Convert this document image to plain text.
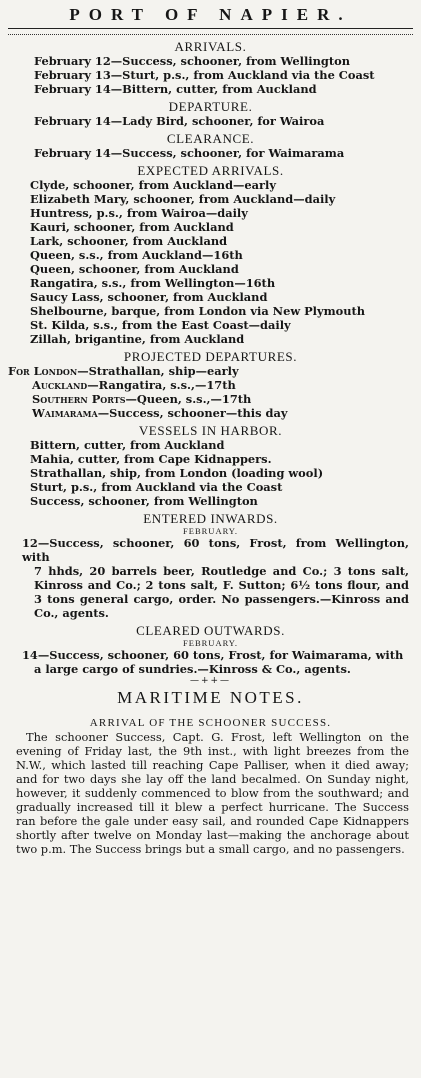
PORT OF NAPIER.
ARRIVALS.
February 12—Success, schooner, from Wellington
February 13—Sturt, p.s., from Auckland via the Coast
February 14—Bittern, cutter, from Auckland
DEPARTURE.
February 14—Lady Bird, schooner, for Wairoa
CLEARANCE.
February 14—Success, schooner, for Waimarama
EXPECTED ARRIVALS.
Clyde, schooner, from Auckland—early
Elizabeth Mary, schooner, from Auckland—daily
Huntress, p.s., from Wairoa—daily
Kauri, schooner, from Auckland
Lark, schooner, from Auckland
Queen, s.s., from Auckland—16th
Queen, schooner, from Auckland
Rangatira, s.s., from Wellington—16th
Saucy Lass, schooner, from Auckland
Shelbourne, barque, from London via New Plymouth
St. Kilda, s.s., from the East Coast—daily
Zillah, brigantine, from Auckland
PROJECTED DEPARTURES.
For London—Strathallan, ship—early
Auckland—Rangatira, s.s.,—17th
Southern Ports—Queen, s.s.,—17th
Waimarama—Success, schooner—this day
VESSELS IN HARBOR.
Bittern, cutter, from Auckland
Mahia, cutter, from Cape Kidnappers.
Strathallan, ship, from London (loading wool)
Sturt, p.s., from Auckland via the Coast
Success, schooner, from Wellington
ENTERED INWARDS.
FEBRUARY.
12—Success, schooner, 60 tons, Frost, from Wellington, with
7 hhds, 20 barrels beer, Routledge and Co.; 3 tons salt, Kinross and Co.; 2 tons salt, F. Sutton; 6½ tons flour, and 3 tons general cargo, order. No passengers.—Kinross and Co., agents.
CLEARED OUTWARDS.
FEBRUARY.
14—Success, schooner, 60 tons, Frost, for Waimarama, with
a large cargo of sundries.—Kinross & Co., agents.
—++—
MARITIME NOTES.
ARRIVAL OF THE SCHOONER SUCCESS.

The schooner Success, Capt. G. Frost, left Wellington on the evening of Friday last, the 9th inst., with light breezes from the N.W., which lasted till reaching Cape Palliser, when it died away; and for two days she lay off the land becalmed. On Sunday night, however, it suddenly commenced to blow from the southward; and gradually increased till it blew a perfect hurricane. The Success ran before the gale under easy sail, and rounded Cape Kidnappers shortly after twelve on Monday last—making the anchorage about two p.m. The Success brings but a small cargo, and no passengers.
